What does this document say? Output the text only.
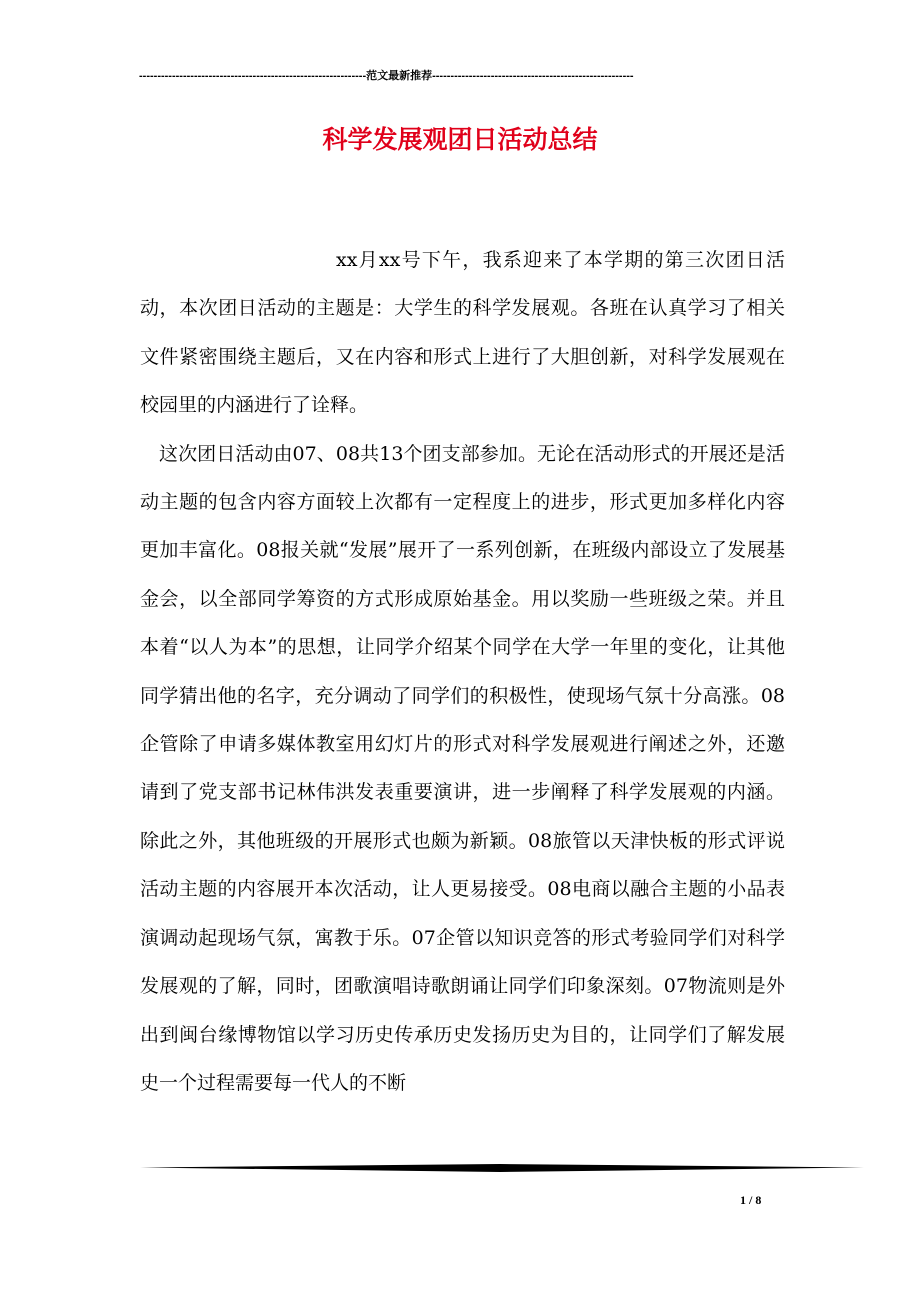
--------------------------------------------------------------范文最新推荐-------------------------------------------------------
科学发展观团日活动总结

xx月xx号下午，我系迎来了本学期的第三次团日活动，本次团日活动的主题是：大学生的科学发展观。各班在认真学习了相关文件紧密围绕主题后，又在内容和形式上进行了大胆创新，对科学发展观在校园里的内涵进行了诠释。

这次团日活动由07、08共13个团支部参加。无论在活动形式的开展还是活动主题的包含内容方面较上次都有一定程度上的进步，形式更加多样化内容更加丰富化。08报关就“发展”展开了一系列创新，在班级内部设立了发展基金会，以全部同学筹资的方式形成原始基金。用以奖励一些班级之荣。并且本着“以人为本”的思想，让同学介绍某个同学在大学一年里的变化，让其他同学猜出他的名字，充分调动了同学们的积极性，使现场气氛十分高涨。08企管除了申请多媒体教室用幻灯片的形式对科学发展观进行阐述之外，还邀请到了党支部书记林伟洪发表重要演讲，进一步阐释了科学发展观的内涵。除此之外，其他班级的开展形式也颇为新颖。08旅管以天津快板的形式评说活动主题的内容展开本次活动，让人更易接受。08电商以融合主题的小品表演调动起现场气氛，寓教于乐。07企管以知识竞答的形式考验同学们对科学发展观的了解，同时，团歌演唱诗歌朗诵让同学们印象深刻。07物流则是外出到闽台缘博物馆以学习历史传承历史发扬历史为目的，让同学们了解发展史一个过程需要每一代人的不断

1 / 8
